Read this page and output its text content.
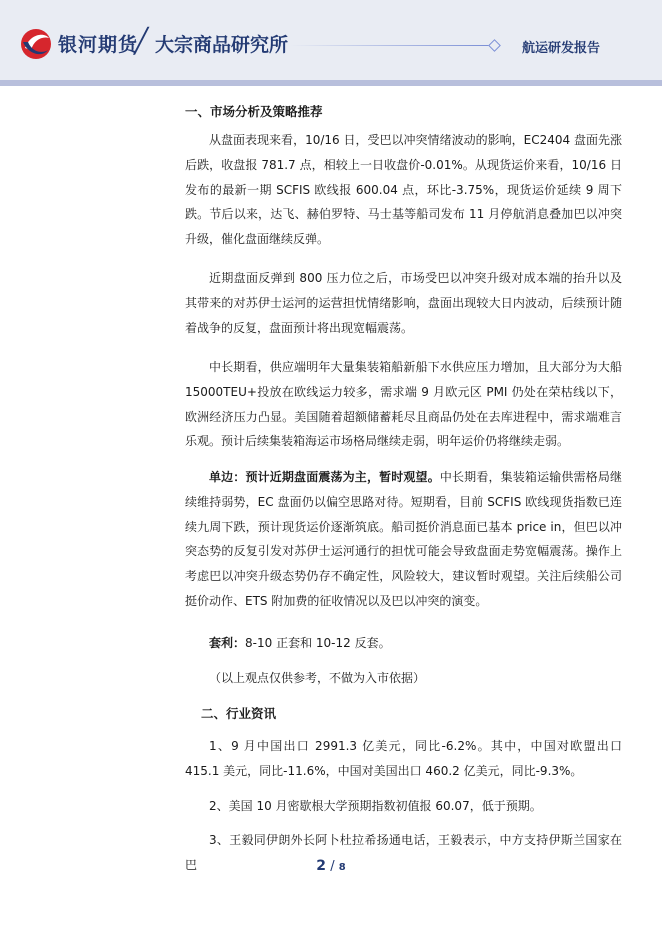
银河期货
╱ 大宗商品研究所	航运研发报告
一、市场分析及策略推荐
从盘面表现来看，10/16 日，受巴以冲突情绪波动的影响，EC2404 盘面先涨后跌，收盘报 781.7 点，相较上一日收盘价-0.01%。从现货运价来看，10/16 日发布的最新一期 SCFIS 欧线报 600.04 点，环比-3.75%，现货运价延续 9 周下跌。节后以来，达飞、赫伯罗特、马士基等船司发布 11 月停航消息叠加巴以冲突升级，催化盘面继续反弹。
近期盘面反弹到 800 压力位之后，市场受巴以冲突升级对成本端的抬升以及其带来的对苏伊士运河的运营担忧情绪影响，盘面出现较大日内波动，后续预计随着战争的反复，盘面预计将出现宽幅震荡。
中长期看，供应端明年大量集装箱船新船下水供应压力增加，且大部分为大船 15000TEU+投放在欧线运力较多，需求端 9 月欧元区 PMI 仍处在荣枯线以下，欧洲经济压力凸显。美国随着超额储蓄耗尽且商品仍处在去库进程中，需求端难言乐观。预计后续集装箱海运市场格局继续走弱，明年运价仍将继续走弱。
单边：预计近期盘面震荡为主，暂时观望。中长期看，集装箱运输供需格局继续维持弱势，EC 盘面仍以偏空思路对待。短期看，目前 SCFIS 欧线现货指数已连续九周下跌，预计现货运价逐渐筑底。船司挺价消息面已基本 price in，但巴以冲突态势的反复引发对苏伊士运河通行的担忧可能会导致盘面走势宽幅震荡。操作上考虑巴以冲突升级态势仍存不确定性，风险较大，建议暂时观望。关注后续船公司挺价动作、ETS 附加费的征收情况以及巴以冲突的演变。
套利：8-10 正套和 10-12 反套。
（以上观点仅供参考，不做为入市依据）
二、行业资讯
1、9 月中国出口 2991.3 亿美元，同比-6.2%。其中，中国对欧盟出口 415.1 美元，同比-11.6%，中国对美国出口 460.2 亿美元，同比-9.3%。
2、美国 10 月密歇根大学预期指数初值报 60.07，低于预期。
3、王毅同伊朗外长阿卜杜拉希扬通电话，王毅表示，中方支持伊斯兰国家在巴	2 / 8
